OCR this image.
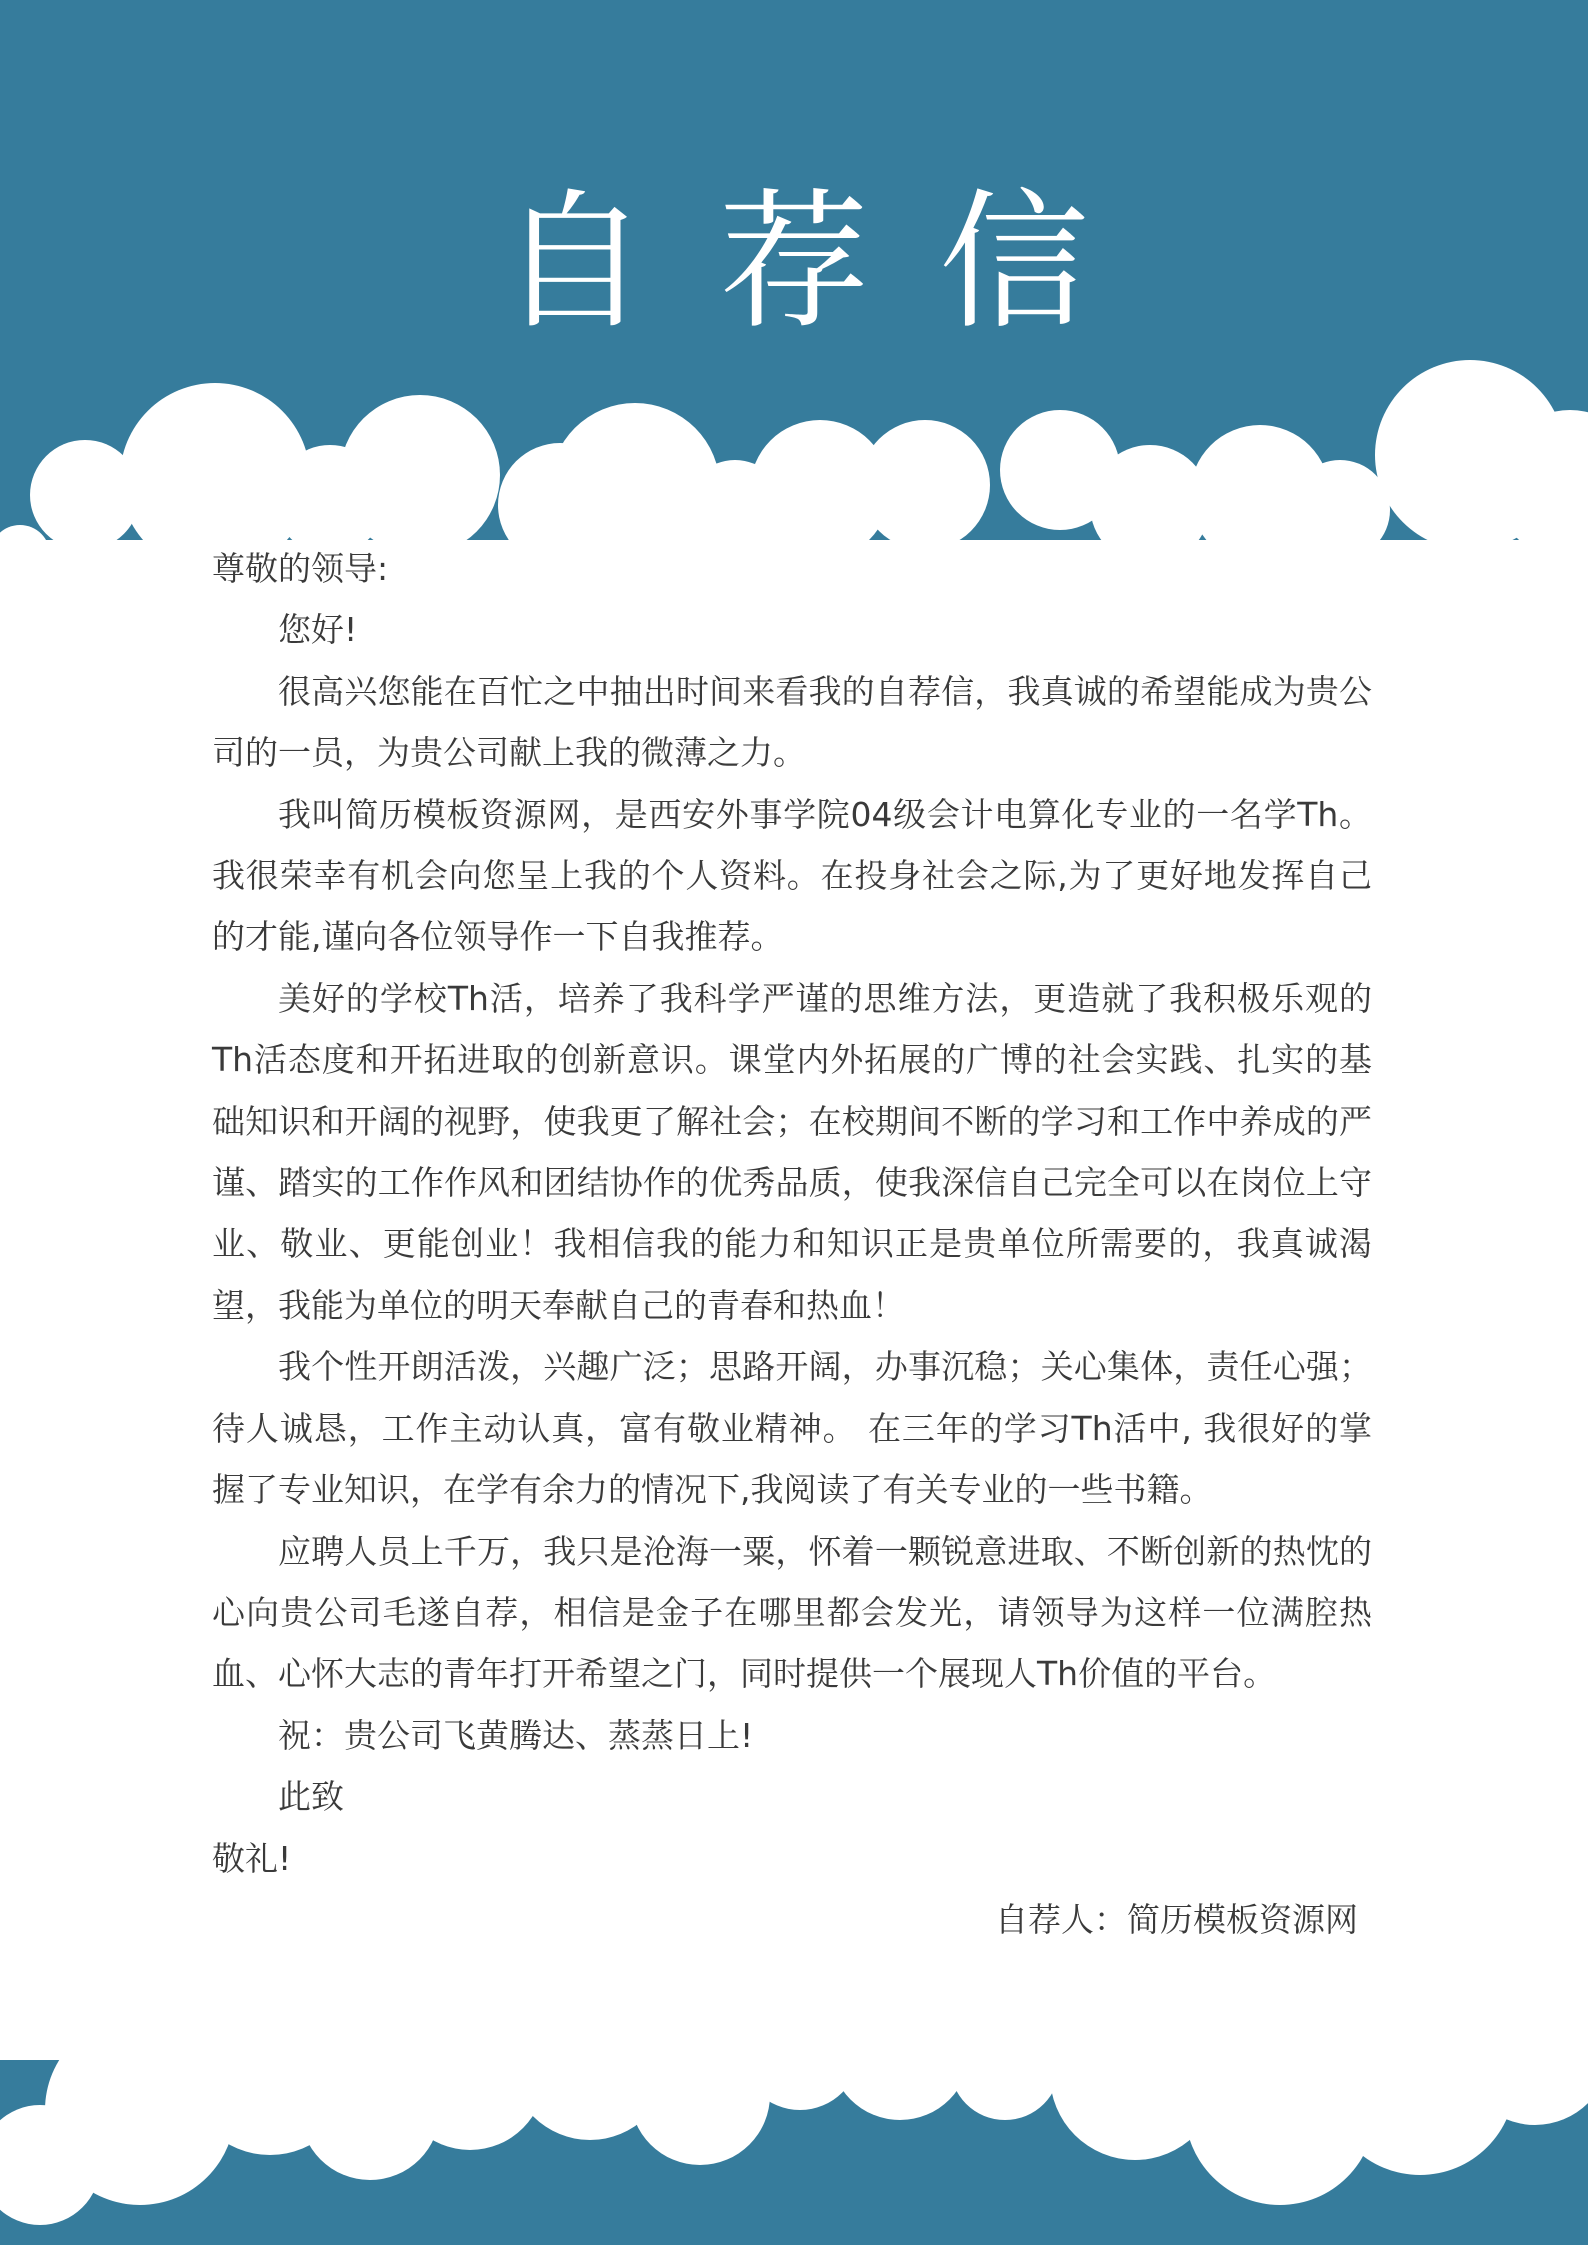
自荐信

尊敬的领导:

您好!

很高兴您能在百忙之中抽出时间来看我的自荐信，我真诚的希望能成为贵公司的一员，为贵公司献上我的微薄之力。

我叫简历模板资源网，是西安外事学院04级会计电算化专业的一名学Th。我很荣幸有机会向您呈上我的个人资料。在投身社会之际,为了更好地发挥自己的才能,谨向各位领导作一下自我推荐。

美好的学校Th活，培养了我科学严谨的思维方法，更造就了我积极乐观的Th活态度和开拓进取的创新意识。课堂内外拓展的广博的社会实践、扎实的基础知识和开阔的视野，使我更了解社会；在校期间不断的学习和工作中养成的严谨、踏实的工作作风和团结协作的优秀品质，使我深信自己完全可以在岗位上守业、敬业、更能创业！我相信我的能力和知识正是贵单位所需要的，我真诚渴望，我能为单位的明天奉献自己的青春和热血！

我个性开朗活泼，兴趣广泛；思路开阔，办事沉稳；关心集体，责任心强；待人诚恳，工作主动认真，富有敬业精神。 在三年的学习Th活中, 我很好的掌握了专业知识，在学有余力的情况下,我阅读了有关专业的一些书籍。

应聘人员上千万，我只是沧海一粟，怀着一颗锐意进取、不断创新的热忱的心向贵公司毛遂自荐，相信是金子在哪里都会发光，请领导为这样一位满腔热血、心怀大志的青年打开希望之门，同时提供一个展现人Th价值的平台。

祝：贵公司飞黄腾达、蒸蒸日上!

此致

敬礼!

自荐人：简历模板资源网
